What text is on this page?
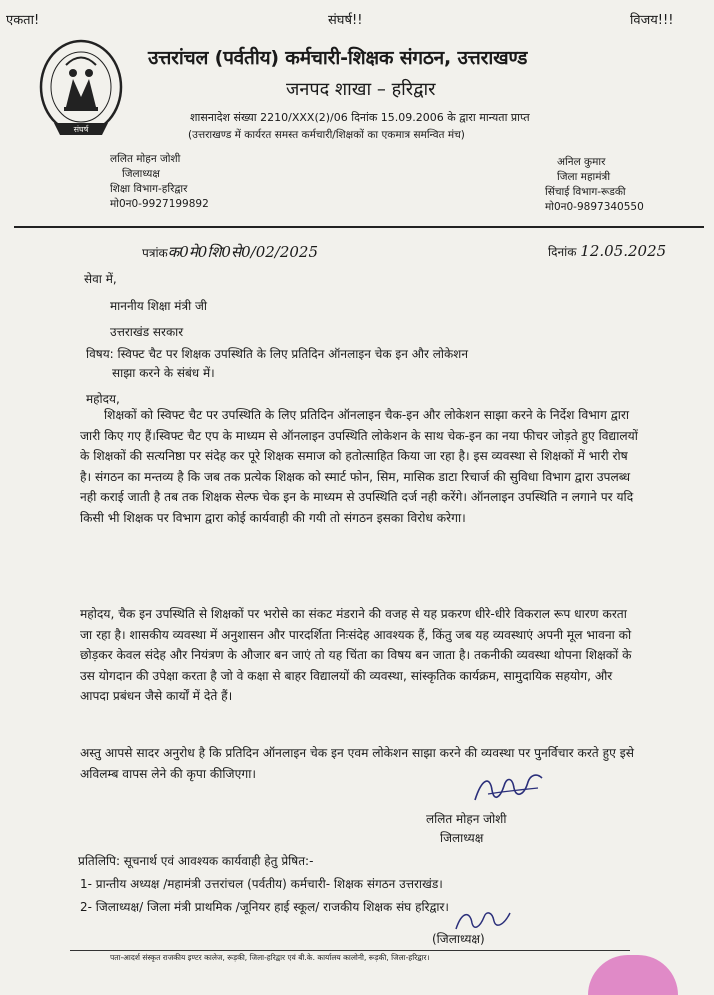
एकता!	संघर्ष!!	विजय!!!
संघर्ष
उत्तरांचल (पर्वतीय) कर्मचारी-शिक्षक संगठन, उत्तराखण्ड
जनपद शाखा – हरिद्वार
शासनादेश संख्या 2210/XXX(2)/06 दिनांक 15.09.2006 के द्वारा मान्यता प्राप्त
(उत्तराखण्ड में कार्यरत समस्त कर्मचारी/शिक्षकों का एकमात्र समन्वित मंच)
ललित मोहन जोशी
जिलाध्यक्ष
शिक्षा विभाग-हरिद्वार
मो0न0-9927199892
अनिल कुमार
जिला महामंत्री
सिंचाई विभाग-रूडकी
मो0न0-9897340550
पत्रांकक0मे0शि0से0/02/2025	दिनांक 12.05.2025
सेवा में,
माननीय शिक्षा मंत्री जी
उत्तराखंड सरकार
विषय: स्विफ्ट चैट पर शिक्षक उपस्थिति के लिए प्रतिदिन ऑनलाइन चेक इन और लोकेशन
साझा करने के संबंध में।
महोदय,

शिक्षकों को स्विफ्ट चैट पर उपस्थिति के लिए प्रतिदिन ऑनलाइन चैक-इन और लोकेशन साझा करने के निर्देश विभाग द्वारा जारी किए गए हैं।स्विफ्ट चैट एप के माध्यम से ऑनलाइन उपस्थिति लोकेशन के साथ चेक-इन का नया फीचर जोड़ते हुए विद्यालयों के शिक्षकों की सत्यनिष्ठा पर संदेह कर पूरे शिक्षक समाज को हतोत्साहित किया जा रहा है। इस व्यवस्था से शिक्षकों में भारी रोष है। संगठन का मन्तव्य है कि जब तक प्रत्येक शिक्षक को स्मार्ट फोन, सिम, मासिक डाटा रिचार्ज की सुविधा विभाग द्वारा उपलब्ध नही कराई जाती है तब तक शिक्षक सेल्फ चेक इन के माध्यम से उपस्थिति दर्ज नही करेंगे। ऑनलाइन उपस्थिति न लगाने पर यदि किसी भी शिक्षक पर विभाग द्वारा कोई कार्यवाही की गयी तो संगठन इसका विरोध करेगा।

महोदय, चैक इन उपस्थिति से शिक्षकों पर भरोसे का संकट मंडराने की वजह से यह प्रकरण धीरे-धीरे विकराल रूप धारण करता जा रहा है। शासकीय व्यवस्था में अनुशासन और पारदर्शिता निःसंदेह आवश्यक हैं, किंतु जब यह व्यवस्थाएं अपनी मूल भावना को छोड़कर केवल संदेह और नियंत्रण के औजार बन जाएं तो यह चिंता का विषय बन जाता है। तकनीकी व्यवस्था थोपना शिक्षकों के उस योगदान की उपेक्षा करता है जो वे कक्षा से बाहर विद्यालयों की व्यवस्था, सांस्कृतिक कार्यक्रम, सामुदायिक सहयोग, और आपदा प्रबंधन जैसे कार्यों में देते हैं।

अस्तु आपसे सादर अनुरोध है कि प्रतिदिन ऑनलाइन चेक इन एवम लोकेशन साझा करने की व्यवस्था पर पुनर्विचार करते हुए इसे अविलम्ब वापस लेने की कृपा कीजिएगा।

ललित मोहन जोशी
जिलाध्यक्ष
प्रतिलिपि: सूचनार्थ एवं आवश्यक कार्यवाही हेतु प्रेषित:-
1- प्रान्तीय अध्यक्ष /महामंत्री उत्तरांचल (पर्वतीय) कर्मचारी- शिक्षक संगठन उत्तराखंड।
2- जिलाध्यक्ष/ जिला मंत्री प्राथमिक /जूनियर हाई स्कूल/ राजकीय शिक्षक संघ हरिद्वार।
(जिलाध्यक्ष)
पता-आदर्श संस्कृत राजकीय इण्टर कालेज, रूड़की, जिला-हरिद्वार एवं बी.के. कार्यालय कालोनी, रूड़की, जिला-हरिद्वार।
